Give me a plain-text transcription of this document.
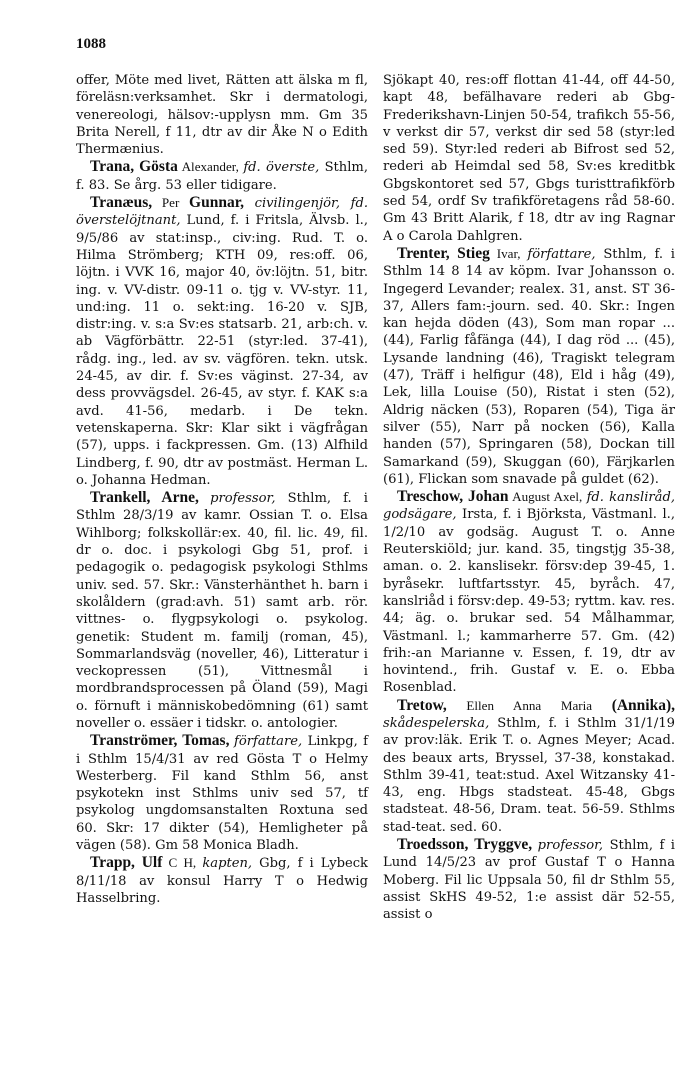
1088

offer, Möte med livet, Rätten att älska m fl, föreläsn:verksamhet. Skr i dermatologi, venereologi, hälsov:-upplysn mm. Gm 35 Brita Nerell, f 11, dtr av dir Åke N o Edith Thermænius.

Trana, Gösta Alexander, fd. överste, Sthlm, f. 83. Se årg. 53 eller tidigare.

Tranæus, Per Gunnar, civilingenjör, fd. överstelöjtnant, Lund, f. i Fritsla, Älvsb. l., 9/5/86 av stat:insp., civ:ing. Rud. T. o. Hilma Strömberg; KTH 09, res:off. 06, löjtn. i VVK 16, major 40, öv:löjtn. 51, bitr. ing. v. VV-distr. 09-11 o. tjg v. VV-styr. 11, und:ing. 11 o. sekt:ing. 16-20 v. SJB, distr:ing. v. s:a Sv:es statsarb. 21, arb:ch. v. ab Vägförbättr. 22-51 (styr:led. 37-41), rådg. ing., led. av sv. vägfören. tekn. utsk. 24-45, av dir. f. Sv:es väginst. 27-34, av dess provvägsdel. 26-45, av styr. f. KAK s:a avd. 41-56, medarb. i De tekn. vetenskaperna. Skr: Klar sikt i vägfrågan (57), upps. i fackpressen. Gm. (13) Alfhild Lindberg, f. 90, dtr av postmäst. Herman L. o. Johanna Hedman.

Trankell, Arne, professor, Sthlm, f. i Sthlm 28/3/19 av kamr. Ossian T. o. Elsa Wihlborg; folkskollär:ex. 40, fil. lic. 49, fil. dr o. doc. i psykologi Gbg 51, prof. i pedagogik o. pedagogisk psykologi Sthlms univ. sed. 57. Skr.: Vänsterhänthet h. barn i skolåldern (grad:avh. 51) samt arb. rör. vittnes- o. flygpsykologi o. psykolog. genetik: Student m. familj (roman, 45), Sommarlandsväg (noveller, 46), Litteratur i veckopressen (51), Vittnesmål i mordbrandsprocessen på Öland (59), Magi o. förnuft i människobedömning (61) samt noveller o. essäer i tidskr. o. antologier.

Tranströmer, Tomas, författare, Linkpg, f i Sthlm 15/4/31 av red Gösta T o Helmy Westerberg. Fil kand Sthlm 56, anst psykotekn inst Sthlms univ sed 57, tf psykolog ungdomsanstalten Roxtuna sed 60. Skr: 17 dikter (54), Hemligheter på vägen (58). Gm 58 Monica Bladh.

Trapp, Ulf C H, kapten, Gbg, f i Lybeck 8/11/18 av konsul Harry T o Hedwig Hasselbring.

Sjökapt 40, res:off flottan 41-44, off 44-50, kapt 48, befälhavare rederi ab Gbg-Frederikshavn-Linjen 50-54, trafikch 55-56, v verkst dir 57, verkst dir sed 58 (styr:led sed 59). Styr:led rederi ab Bifrost sed 52, rederi ab Heimdal sed 58, Sv:es kreditbk Gbgskontoret sed 57, Gbgs turisttrafikförb sed 54, ordf Sv trafikföretagens råd 58-60. Gm 43 Britt Alarik, f 18, dtr av ing Ragnar A o Carola Dahlgren.

Trenter, Stieg Ivar, författare, Sthlm, f. i Sthlm 14 8 14 av köpm. Ivar Johansson o. Ingegerd Levander; realex. 31, anst. ST 36-37, Allers fam:-journ. sed. 40. Skr.: Ingen kan hejda döden (43), Som man ropar ... (44), Farlig fåfänga (44), I dag röd ... (45), Lysande landning (46), Tragiskt telegram (47), Träff i helfigur (48), Eld i håg (49), Lek, lilla Louise (50), Ristat i sten (52), Aldrig näcken (53), Roparen (54), Tiga är silver (55), Narr på nocken (56), Kalla handen (57), Springaren (58), Dockan till Samarkand (59), Skuggan (60), Färjkarlen (61), Flickan som snavade på guldet (62).

Treschow, Johan August Axel, fd. kansliråd, godsägare, Irsta, f. i Björksta, Västmanl. l., 1/2/10 av godsäg. August T. o. Anne Reuterskiöld; jur. kand. 35, tingstjg 35-38, aman. o. 2. kanslisekr. försv:dep 39-45, 1. byråsekr. luftfartsstyr. 45, byråch. 47, kanslriåd i försv:dep. 49-53; ryttm. kav. res. 44; äg. o. brukar sed. 54 Målhammar, Västmanl. l.; kammarherre 57. Gm. (42) frih:-an Marianne v. Essen, f. 19, dtr av hovintend., frih. Gustaf v. E. o. Ebba Rosenblad.

Tretow, Ellen Anna Maria (Annika), skådespelerska, Sthlm, f. i Sthlm 31/1/19 av prov:läk. Erik T. o. Agnes Meyer; Acad. des beaux arts, Bryssel, 37-38, konstakad. Sthlm 39-41, teat:stud. Axel Witzansky 41-43, eng. Hbgs stadsteat. 45-48, Gbgs stadsteat. 48-56, Dram. teat. 56-59. Sthlms stad-teat. sed. 60.

Troedsson, Tryggve, professor, Sthlm, f i Lund 14/5/23 av prof Gustaf T o Hanna Moberg. Fil lic Uppsala 50, fil dr Sthlm 55, assist SkHS 49-52, 1:e assist där 52-55, assist o
